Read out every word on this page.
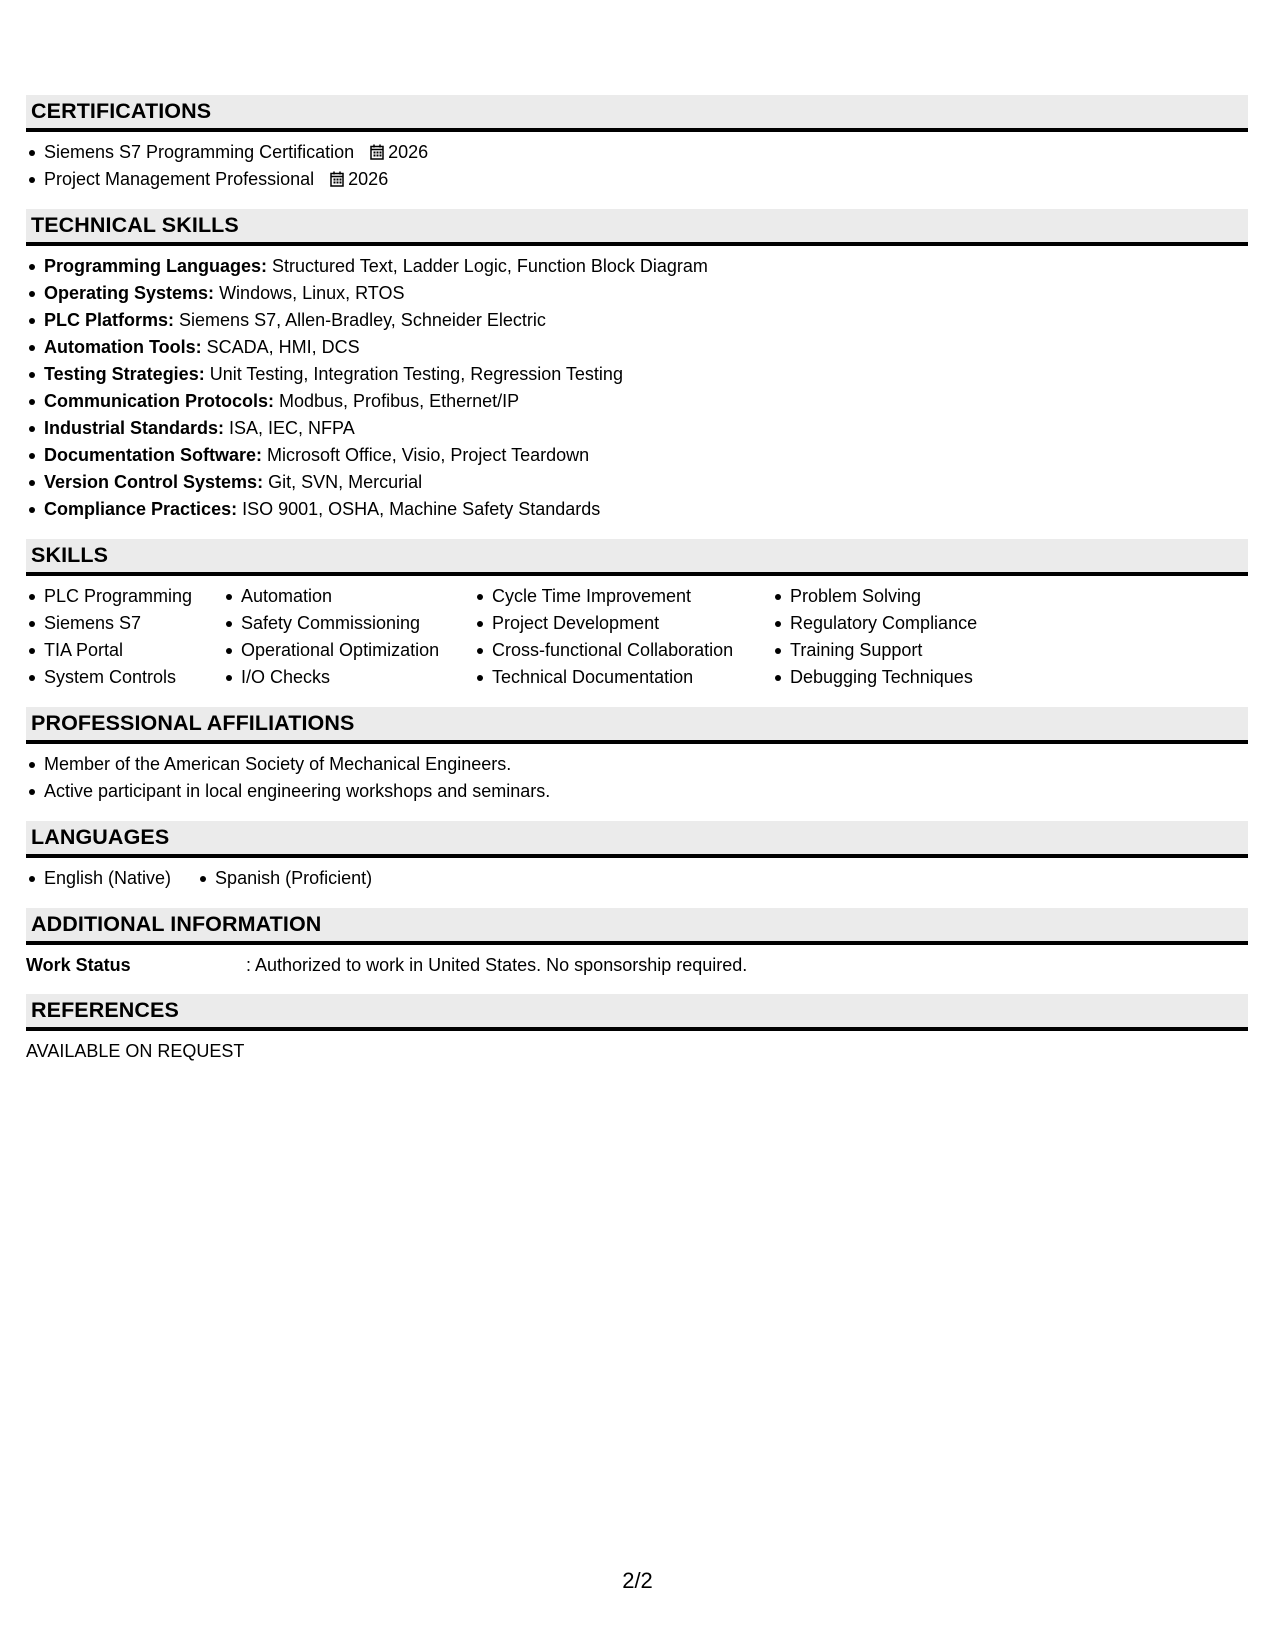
CERTIFICATIONS
Siemens S7 Programming Certification 2026
Project Management Professional 2026
TECHNICAL SKILLS
Programming Languages: Structured Text, Ladder Logic, Function Block Diagram
Operating Systems: Windows, Linux, RTOS
PLC Platforms: Siemens S7, Allen-Bradley, Schneider Electric
Automation Tools: SCADA, HMI, DCS
Testing Strategies: Unit Testing, Integration Testing, Regression Testing
Communication Protocols: Modbus, Profibus, Ethernet/IP
Industrial Standards: ISA, IEC, NFPA
Documentation Software: Microsoft Office, Visio, Project Teardown
Version Control Systems: Git, SVN, Mercurial
Compliance Practices: ISO 9001, OSHA, Machine Safety Standards
SKILLS
PLC Programming
Siemens S7
TIA Portal
System Controls
Automation
Safety Commissioning
Operational Optimization
I/O Checks
Cycle Time Improvement
Project Development
Cross-functional Collaboration
Technical Documentation
Problem Solving
Regulatory Compliance
Training Support
Debugging Techniques
PROFESSIONAL AFFILIATIONS
Member of the American Society of Mechanical Engineers.
Active participant in local engineering workshops and seminars.
LANGUAGES
English (Native)	Spanish (Proficient)
ADDITIONAL INFORMATION
Work Status	: Authorized to work in United States. No sponsorship required.
REFERENCES
AVAILABLE ON REQUEST
2/2
